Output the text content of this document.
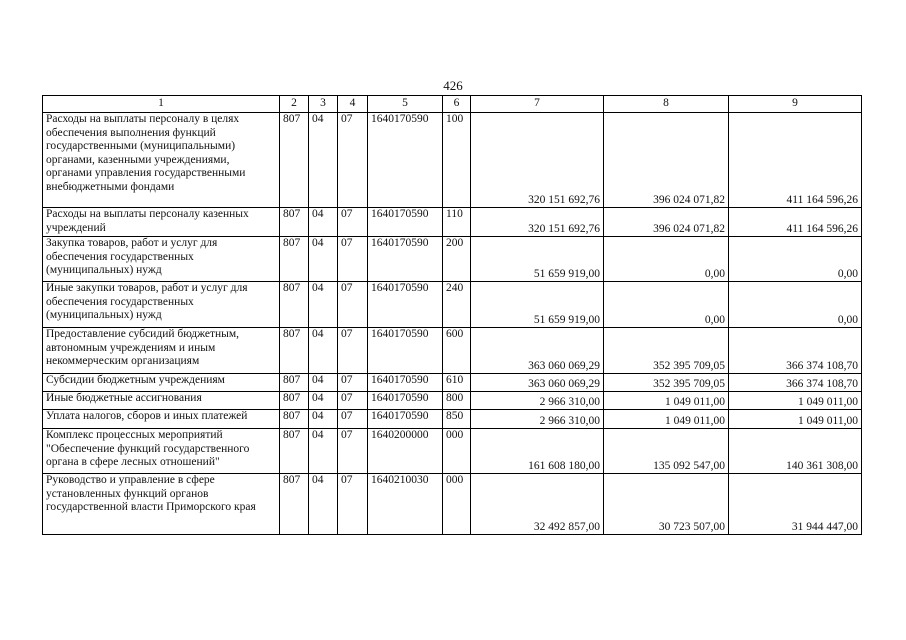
426
1	2	3	4	5	6	7	8	9
Расходы на выплаты персоналу в целях обеспечения выполнения функций государственными (муниципальными) органами, казенными учреждениями, органами управления государственными внебюджетными фондами	807	04	07	1640170590	100	320 151 692,76	396 024 071,82	411 164 596,26
Расходы на выплаты персоналу казенных учреждений	807	04	07	1640170590	110	320 151 692,76	396 024 071,82	411 164 596,26
Закупка товаров, работ и услуг для обеспечения государственных (муниципальных) нужд	807	04	07	1640170590	200	51 659 919,00	0,00	0,00
Иные закупки товаров, работ и услуг для обеспечения государственных (муниципальных) нужд	807	04	07	1640170590	240	51 659 919,00	0,00	0,00
Предоставление субсидий бюджетным, автономным учреждениям и иным некоммерческим организациям	807	04	07	1640170590	600	363 060 069,29	352 395 709,05	366 374 108,70
Субсидии бюджетным учреждениям	807	04	07	1640170590	610	363 060 069,29	352 395 709,05	366 374 108,70
Иные бюджетные ассигнования	807	04	07	1640170590	800	2 966 310,00	1 049 011,00	1 049 011,00
Уплата налогов, сборов и иных платежей	807	04	07	1640170590	850	2 966 310,00	1 049 011,00	1 049 011,00
Комплекс процессных мероприятий "Обеспечение функций государственного органа в сфере лесных отношений"	807	04	07	1640200000	000	161 608 180,00	135 092 547,00	140 361 308,00
Руководство и управление в сфере установленных функций органов государственной власти Приморского края	807	04	07	1640210030	000	32 492 857,00	30 723 507,00	31 944 447,00
